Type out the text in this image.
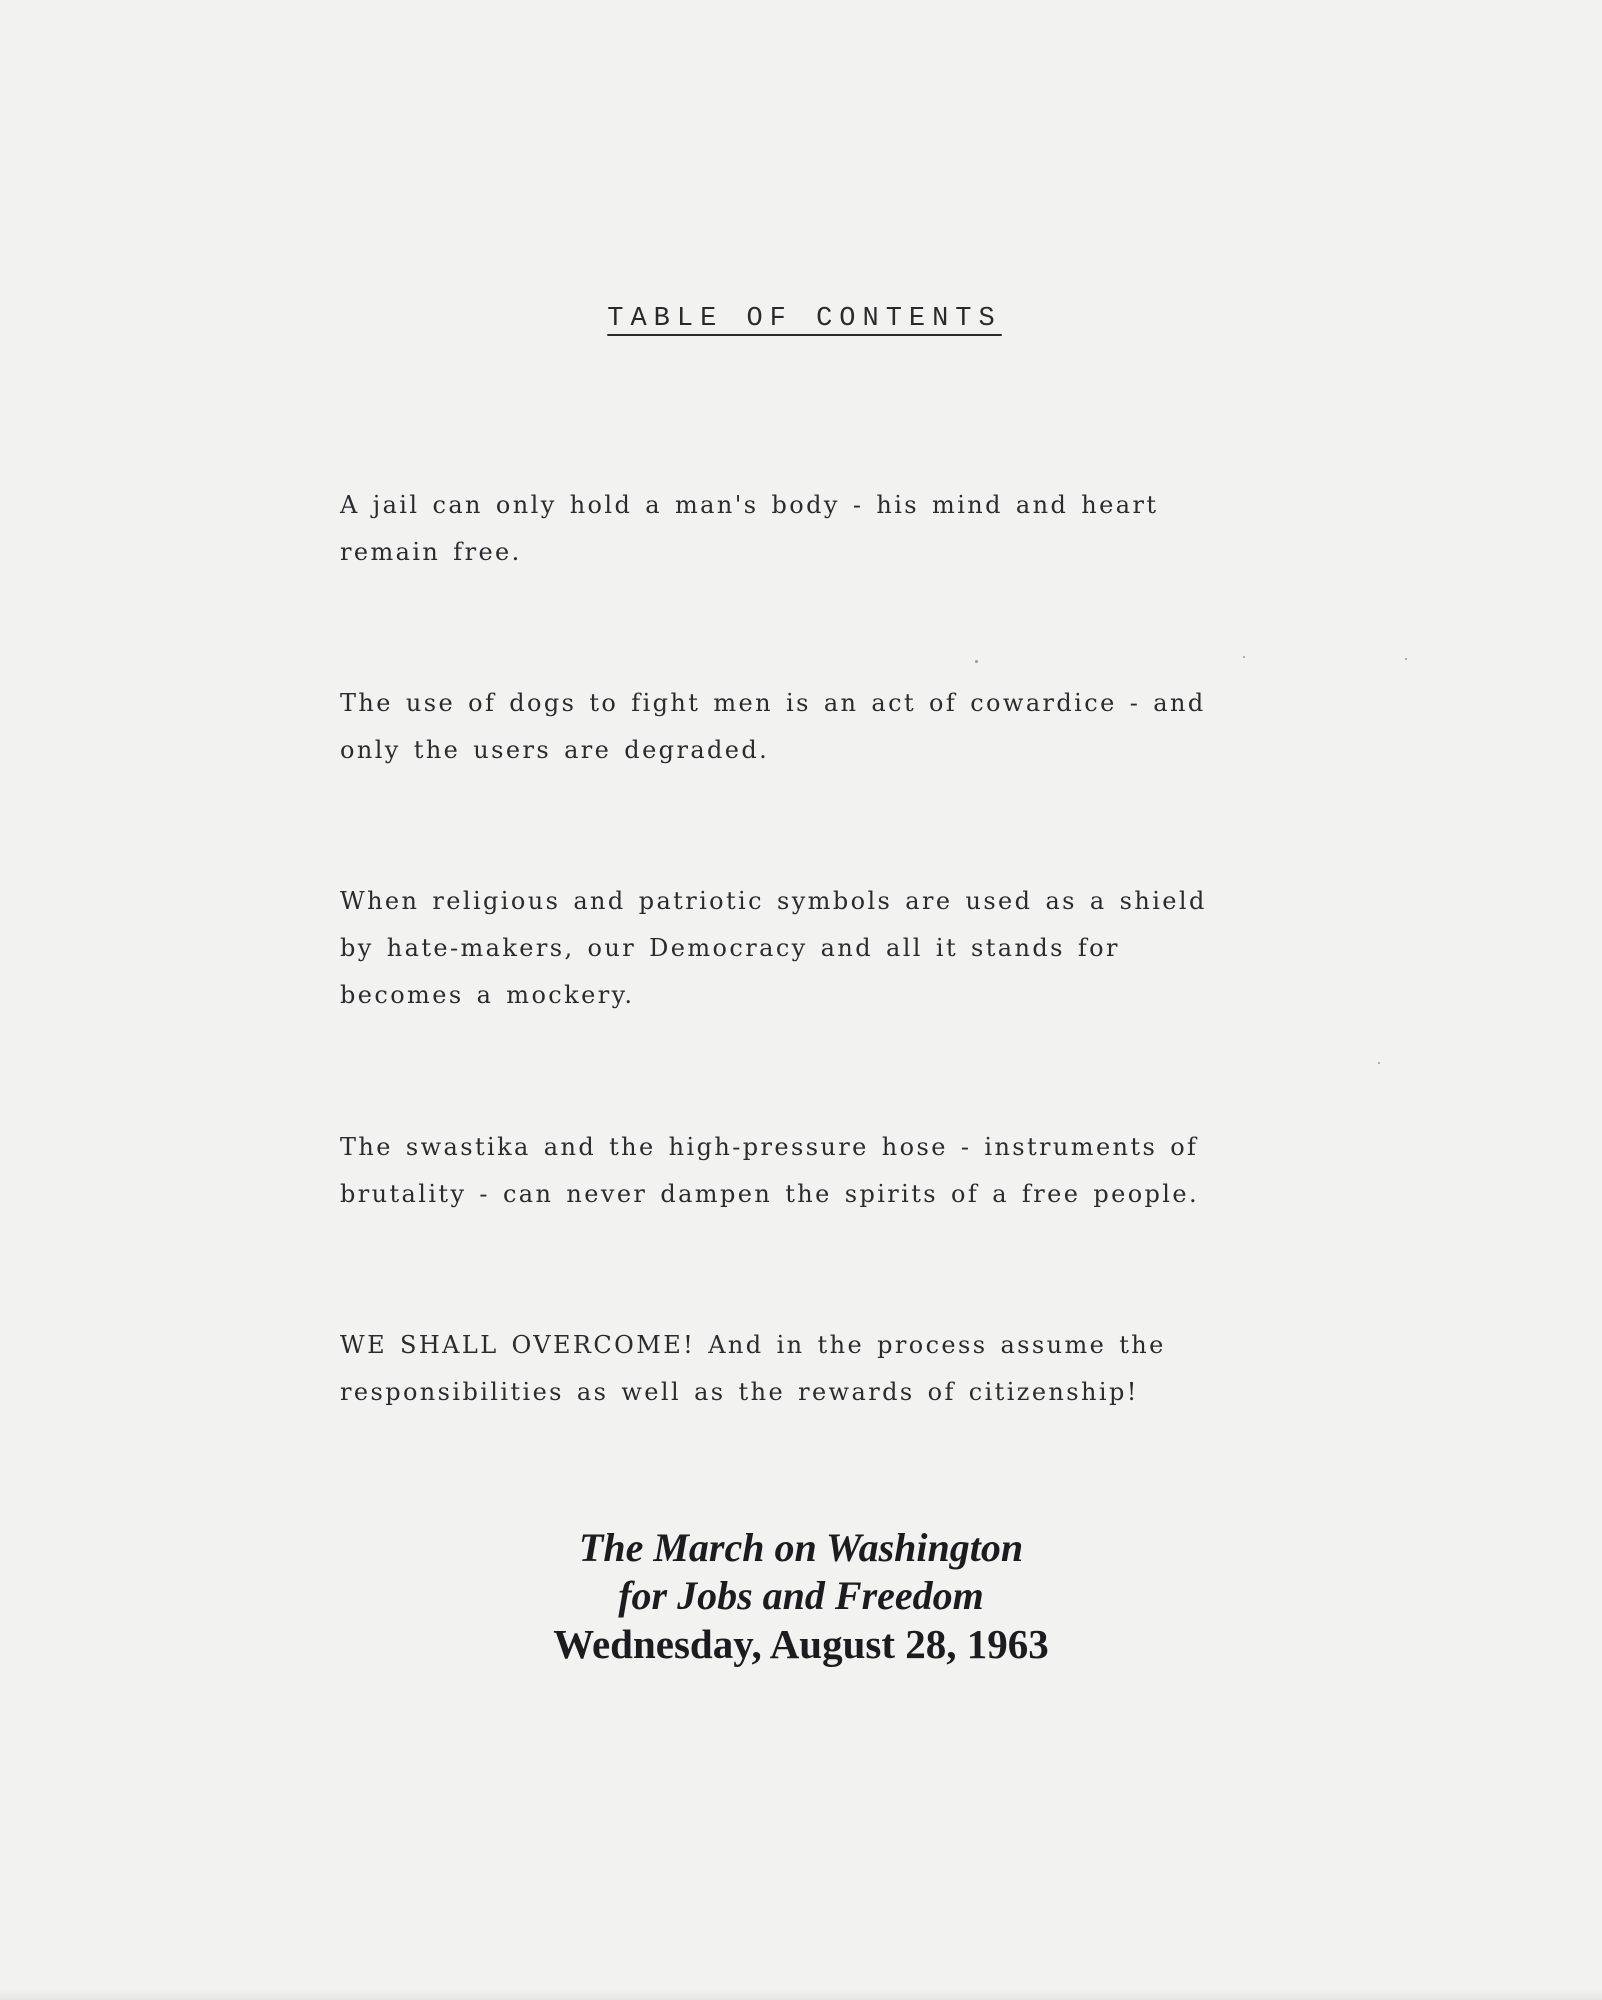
TABLE OF CONTENTS

A jail can only hold a man's body - his mind and heart
remain free.

The use of dogs to fight men is an act of cowardice - and
only the users are degraded.

When religious and patriotic symbols are used as a shield
by hate-makers, our Democracy and all it stands for
becomes a mockery.

The swastika and the high-pressure hose - instruments of
brutality - can never dampen the spirits of a free people.

WE SHALL OVERCOME! And in the process assume the
responsibilities as well as the rewards of citizenship!

The March on Washington
for Jobs and Freedom
Wednesday, August 28, 1963
